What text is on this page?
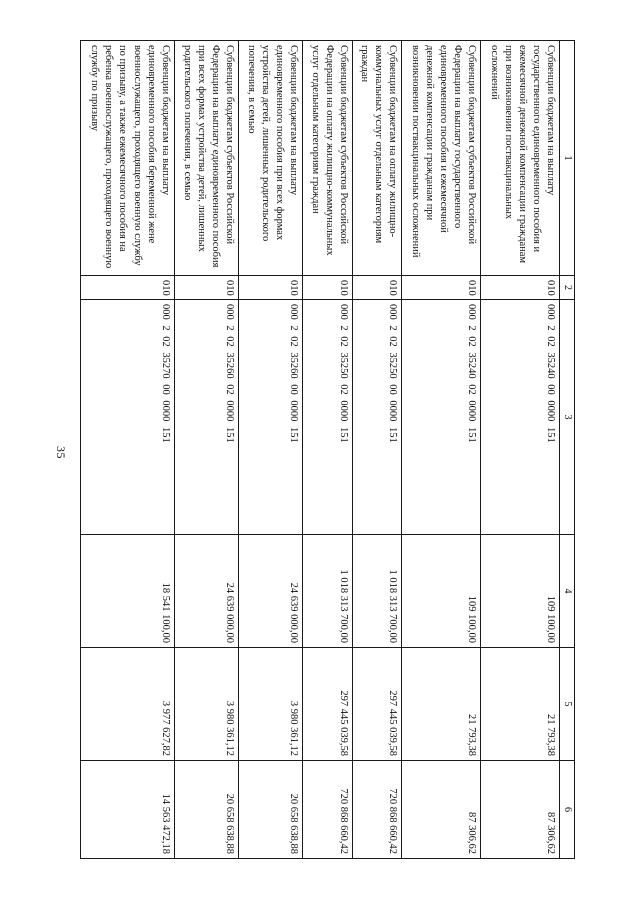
35
1	2	3	4	5	6
Субвенции бюджетам на выплату государственного единовременного пособия и ежемесячной денежной компенсации гражданам при возникновении поствакцинальных осложнений	010	000 2 02 35240 00 0000 151	109 100,00	21 793,38	87 306,62
Субвенции бюджетам субъектов Российской Федерации на выплату государственного единовременного пособия и ежемесячной денежной компенсации гражданам при возникновении поствакцинальных осложнений	010	000 2 02 35240 02 0000 151	109 100,00	21 793,38	87 306,62
Субвенции бюджетам на оплату жилищно-коммунальных услуг отдельным категориям граждан	010	000 2 02 35250 00 0000 151	1 018 313 700,00	297 445 039,58	720 868 660,42
Субвенции бюджетам субъектов Российской Федерации на оплату жилищно-коммунальных услуг отдельным категориям граждан	010	000 2 02 35250 02 0000 151	1 018 313 700,00	297 445 039,58	720 868 660,42
Субвенции бюджетам на выплату единовременного пособия при всех формах устройства детей, лишенных родительского попечения, в семью	010	000 2 02 35260 00 0000 151	24 639 000,00	3 980 361,12	20 658 638,88
Субвенции бюджетам субъектов Российской Федерации на выплату единовременного пособия при всех формах устройства детей, лишенных родительского попечения, в семью	010	000 2 02 35260 02 0000 151	24 639 000,00	3 980 361,12	20 658 638,88
Субвенции бюджетам на выплату единовременного пособия беременной жене военнослужащего, проходящего военную службу по призыву, а также ежемесячного пособия на ребенка военнослужащего, проходящего военную службу по призыву	010	000 2 02 35270 00 0000 151	18 541 100,00	3 977 627,82	14 563 472,18
